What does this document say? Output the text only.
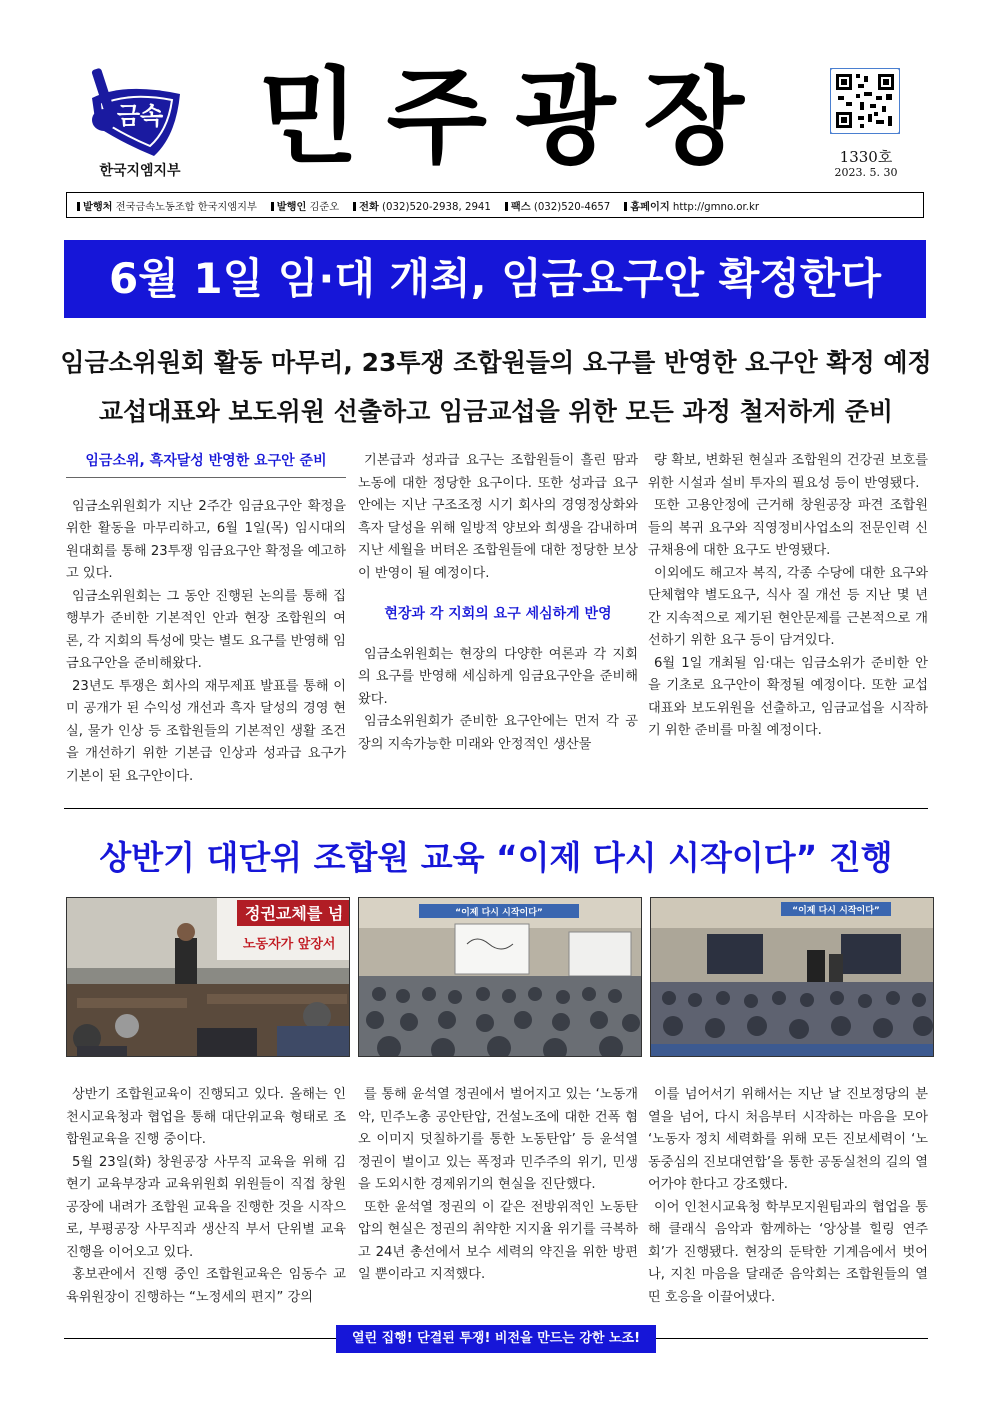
금속
한국지엠지부 민주광장	1330호
2023. 5. 30
발행처 전국금속노동조합 한국지엠지부	발행인 김준오	전화 (032)520-2938, 2941	팩스 (032)520-4657	홈페이지 http://gmno.or.kr
6월 1일 임·대 개최, 임금요구안 확정한다
임금소위원회 활동 마무리, 23투쟁 조합원들의 요구를 반영한 요구안 확정 예정
교섭대표와 보도위원 선출하고 임금교섭을 위한 모든 과정 철저하게 준비

임금소위, 흑자달성 반영한 요구안 준비

임금소위원회가 지난 2주간 임금요구안 확정을 위한 활동을 마무리하고, 6월 1일(목) 임시대의원대회를 통해 23투쟁 임금요구안 확정을 예고하고 있다.

임금소위원회는 그 동안 진행된 논의를 통해 집행부가 준비한 기본적인 안과 현장 조합원의 여론, 각 지회의 특성에 맞는 별도 요구를 반영해 임금요구안을 준비해왔다.

23년도 투쟁은 회사의 재무제표 발표를 통해 이미 공개가 된 수익성 개선과 흑자 달성의 경영 현실, 물가 인상 등 조합원들의 기본적인 생활 조건을 개선하기 위한 기본급 인상과 성과급 요구가 기본이 된 요구안이다.

기본급과 성과급 요구는 조합원들이 흘린 땀과 노동에 대한 정당한 요구이다. 또한 성과급 요구안에는 지난 구조조정 시기 회사의 경영정상화와 흑자 달성을 위해 일방적 양보와 희생을 감내하며 지난 세월을 버텨온 조합원들에 대한 정당한 보상이 반영이 될 예정이다.

현장과 각 지회의 요구 세심하게 반영

임금소위원회는 현장의 다양한 여론과 각 지회의 요구를 반영해 세심하게 임금요구안을 준비해왔다.

임금소위원회가 준비한 요구안에는 먼저 각 공장의 지속가능한 미래와 안정적인 생산물

량 확보, 변화된 현실과 조합원의 건강권 보호를 위한 시설과 설비 투자의 필요성 등이 반영됐다.

또한 고용안정에 근거해 창원공장 파견 조합원들의 복귀 요구와 직영정비사업소의 전문인력 신규채용에 대한 요구도 반영됐다.

이외에도 해고자 복직, 각종 수당에 대한 요구와 단체협약 별도요구, 식사 질 개선 등 지난 몇 년 간 지속적으로 제기된 현안문제를 근본적으로 개선하기 위한 요구 등이 담겨있다.

6월 1일 개최될 임·대는 임금소위가 준비한 안을 기초로 요구안이 확정될 예정이다. 또한 교섭대표와 보도위원을 선출하고, 임금교섭을 시작하기 위한 준비를 마칠 예정이다.

상반기 대단위 조합원 교육 “이제 다시 시작이다” 진행
정권교체를 넘
노동자가 앞장서
“이제 다시 시작이다”	“이제 다시 시작이다”

상반기 조합원교육이 진행되고 있다. 올해는 인천시교육청과 협업을 통해 대단위교육 형태로 조합원교육을 진행 중이다.

5월 23일(화) 창원공장 사무직 교육을 위해 김현기 교육부장과 교육위원회 위원들이 직접 창원공장에 내려가 조합원 교육을 진행한 것을 시작으로, 부평공장 사무직과 생산직 부서 단위별 교육 진행을 이어오고 있다.

홍보관에서 진행 중인 조합원교육은 임동수 교육위원장이 진행하는 “노정세의 편지” 강의

를 통해 윤석열 정권에서 벌어지고 있는 ‘노동개악, 민주노총 공안탄압, 건설노조에 대한 건폭 혐오 이미지 덧칠하기를 통한 노동탄압’ 등 윤석열 정권이 벌이고 있는 폭정과 민주주의 위기, 민생을 도외시한 경제위기의 현실을 진단했다.

또한 윤석열 정권의 이 같은 전방위적인 노동탄압의 현실은 정권의 취약한 지지율 위기를 극복하고 24년 총선에서 보수 세력의 약진을 위한 방편일 뿐이라고 지적했다.

이를 넘어서기 위해서는 지난 날 진보정당의 분열을 넘어, 다시 처음부터 시작하는 마음을 모아 ‘노동자 정치 세력화를 위해 모든 진보세력이 ‘노동중심의 진보대연합’을 통한 공동실천의 길의 열어가야 한다고 강조했다.

이어 인천시교육청 학부모지원팀과의 협업을 통해 클래식 음악과 함께하는 ‘앙상블 힐링 연주회’가 진행됐다. 현장의 둔탁한 기계음에서 벗어나, 지친 마음을 달래준 음악회는 조합원들의 열띤 호응을 이끌어냈다.

열린 집행! 단결된 투쟁! 비전을 만드는 강한 노조!
